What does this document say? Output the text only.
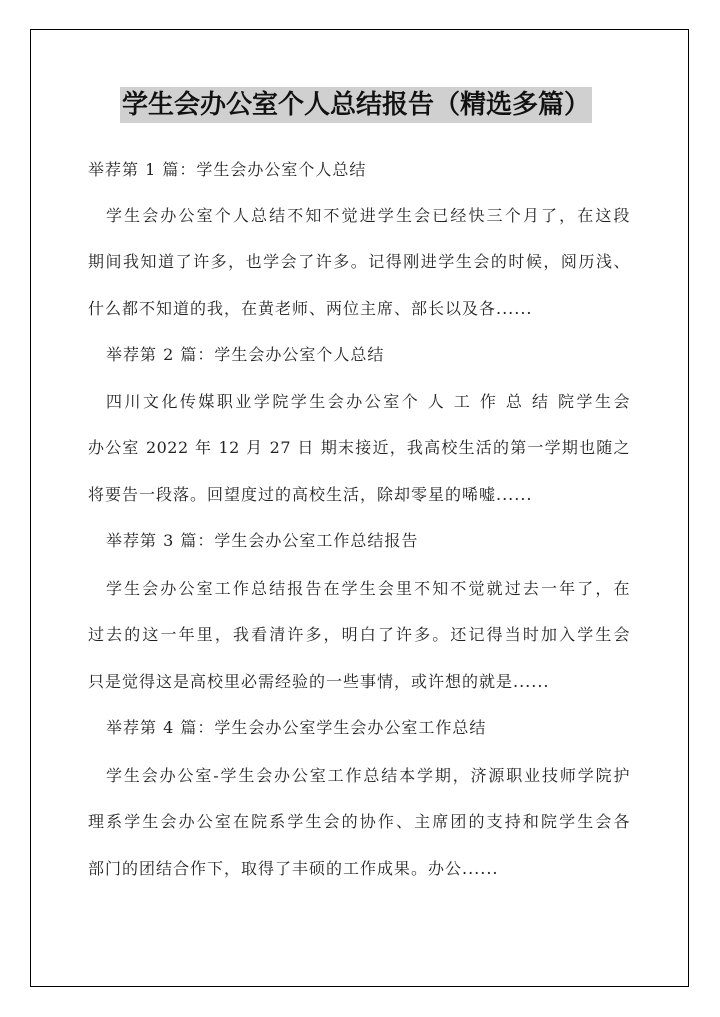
学生会办公室个人总结报告（精选多篇）
举荐第 1 篇：学生会办公室个人总结
学生会办公室个人总结不知不觉进学生会已经快三个月了，在这段
期间我知道了许多，也学会了许多。记得刚进学生会的时候，阅历浅、
什么都不知道的我，在黄老师、两位主席、部长以及各......
举荐第 2 篇：学生会办公室个人总结
四川文化传媒职业学院学生会办公室个 人 工 作 总 结 院学生会
办公室 2022 年 12 月 27 日 期末接近，我高校生活的第一学期也随之
将要告一段落。回望度过的高校生活，除却零星的唏嘘......
举荐第 3 篇：学生会办公室工作总结报告
学生会办公室工作总结报告在学生会里不知不觉就过去一年了，在
过去的这一年里，我看清许多，明白了许多。还记得当时加入学生会
只是觉得这是高校里必需经验的一些事情，或许想的就是......
举荐第 4 篇：学生会办公室学生会办公室工作总结
学生会办公室-学生会办公室工作总结本学期，济源职业技师学院护
理系学生会办公室在院系学生会的协作、主席团的支持和院学生会各
部门的团结合作下，取得了丰硕的工作成果。办公......
